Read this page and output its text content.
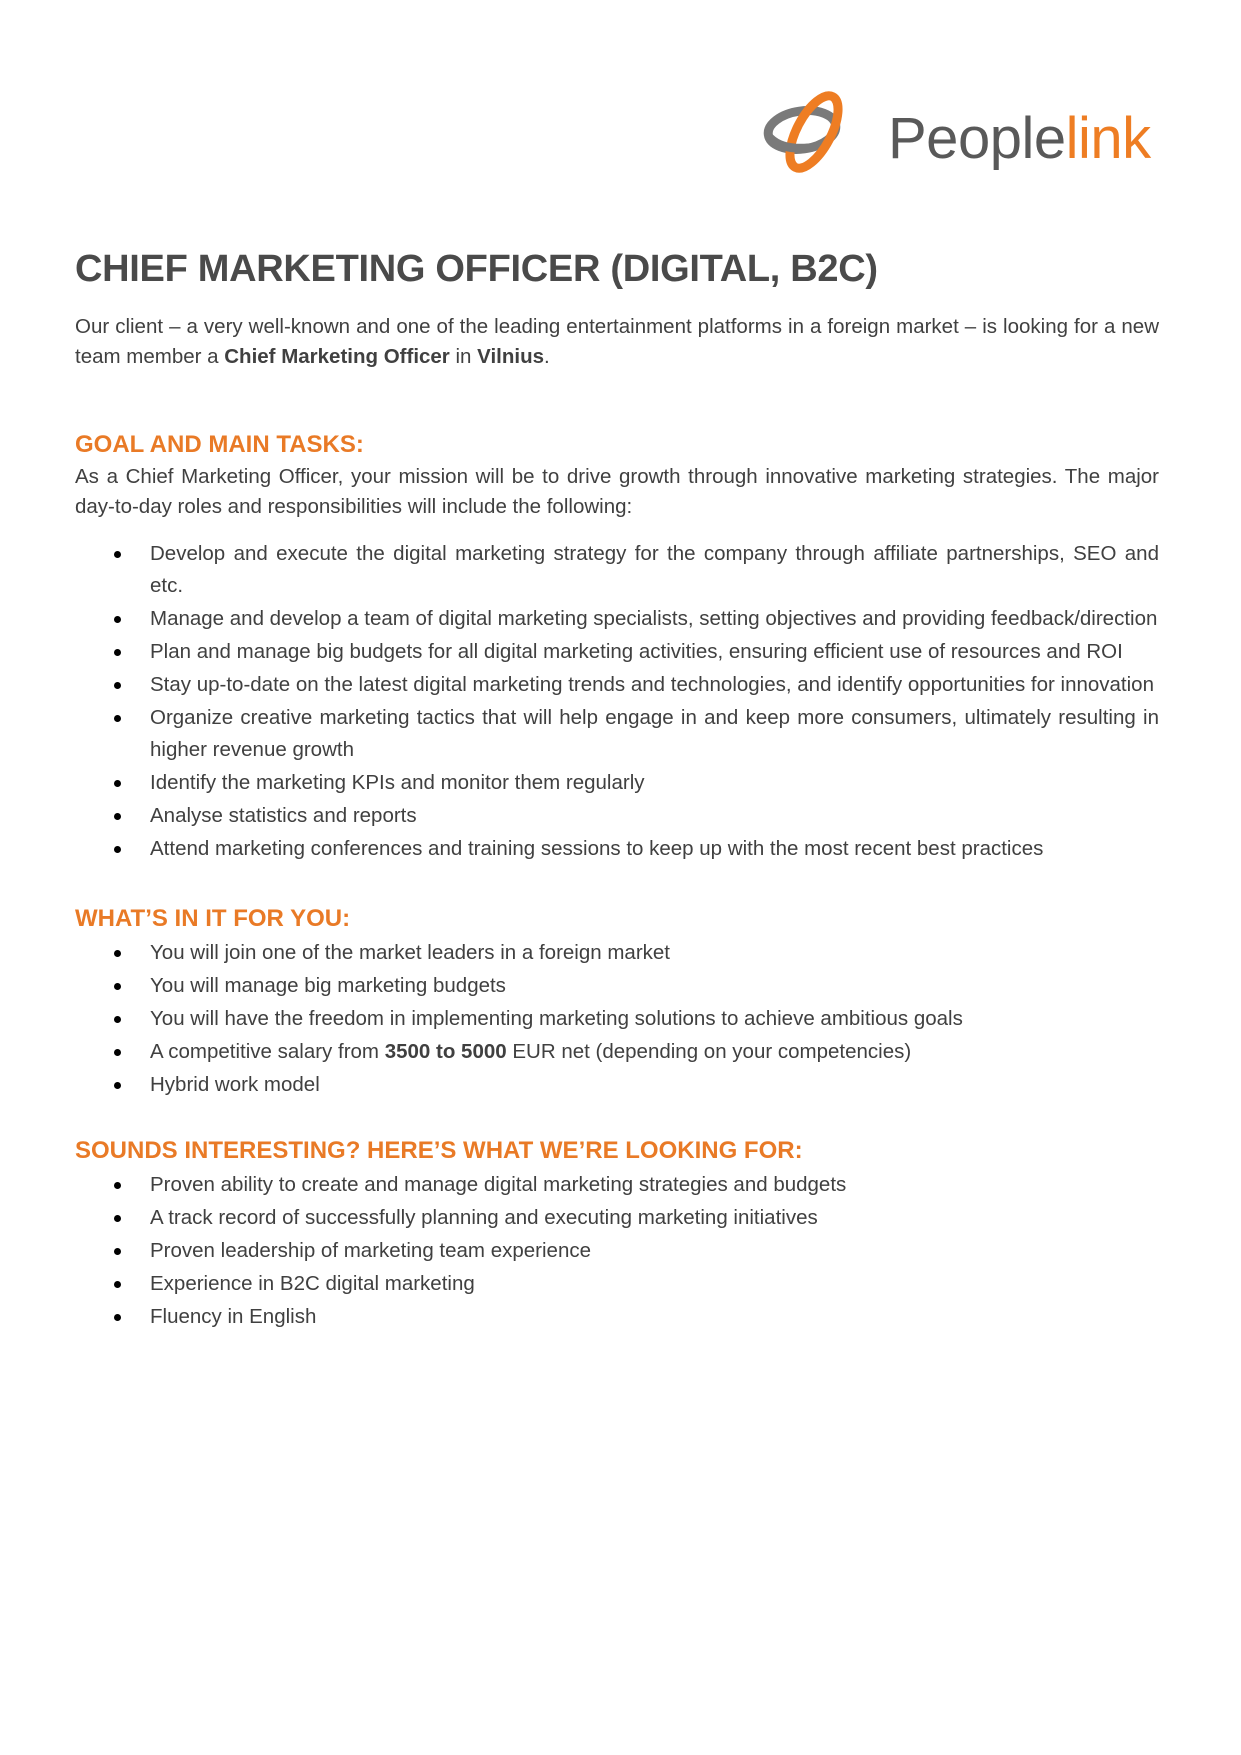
Peoplelink
CHIEF MARKETING OFFICER (DIGITAL, B2C)

Our client – a very well-known and one of the leading entertainment platforms in a foreign market – is looking for a new team member a Chief Marketing Officer in Vilnius.

GOAL AND MAIN TASKS:

As a Chief Marketing Officer, your mission will be to drive growth through innovative marketing strategies. The major day-to-day roles and responsibilities will include the following:

Develop and execute the digital marketing strategy for the company through affiliate partnerships, SEO and etc.
Manage and develop a team of digital marketing specialists, setting objectives and providing feedback/direction
Plan and manage big budgets for all digital marketing activities, ensuring efficient use of resources and ROI
Stay up-to-date on the latest digital marketing trends and technologies, and identify opportunities for innovation
Organize creative marketing tactics that will help engage in and keep more consumers, ultimately resulting in higher revenue growth
Identify the marketing KPIs and monitor them regularly
Analyse statistics and reports
Attend marketing conferences and training sessions to keep up with the most recent best practices
WHAT’S IN IT FOR YOU:
You will join one of the market leaders in a foreign market
You will manage big marketing budgets
You will have the freedom in implementing marketing solutions to achieve ambitious goals
A competitive salary from 3500 to 5000 EUR net (depending on your competencies)
Hybrid work model
SOUNDS INTERESTING? HERE’S WHAT WE’RE LOOKING FOR:
Proven ability to create and manage digital marketing strategies and budgets
A track record of successfully planning and executing marketing initiatives
Proven leadership of marketing team experience
Experience in B2C digital marketing
Fluency in English
